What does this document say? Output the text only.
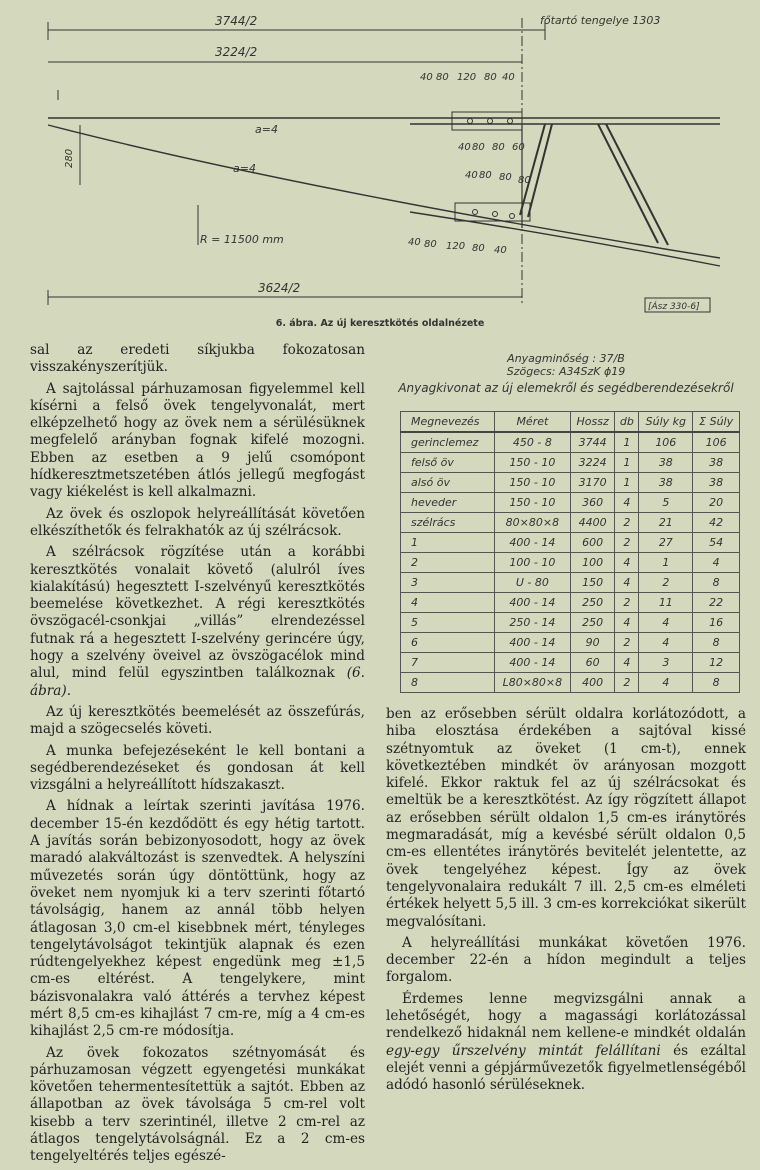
3744/2	főtartó tengelye 1303
3224/2
40 80 120 80 40
40 80 80 60
40 80 80 80
40 80 120 80 40
a=4
a=4
280
R = 11500 mm
3624/2
[Ász 330-6]
6. ábra. Az új keresztkötés oldalnézete

sal az eredeti síkjukba fokozatosan visszakényszerítjük.

A sajtolással párhuzamosan figyelemmel kell kísérni a felső övek tengelyvonalát, mert elképzelhető hogy az övek nem a sérülésüknek megfelelő arányban fognak kifelé mozogni. Ebben az esetben a 9 jelű csomópont hídkeresztmetszetében átlós jellegű megfogást vagy kiékelést is kell alkalmazni.

Az övek és oszlopok helyreállítását követően elkészíthetők és felrakhatók az új szélrácsok.

A szélrácsok rögzítése után a korábbi keresztkötés vonalait követő (alulról íves kialakítású) hegesztett I-szelvényű keresztkötés beemelése következhet. A régi keresztkötés övszögacél-csonkjai „villás” elrendezéssel futnak rá a hegesztett I-szelvény gerincére úgy, hogy a szelvény öveivel az övszögacélok mind alul, mind felül egyszintben találkoznak (6. ábra).

Az új keresztkötés beemelését az összefúrás, majd a szögecselés követi.

A munka befejezéseként le kell bontani a segédberendezéseket és gondosan át kell vizsgálni a helyreállított hídszakaszt.

A hídnak a leírtak szerinti javítása 1976. december 15-én kezdődött és egy hétig tartott. A javítás során bebizonyosodott, hogy az övek maradó alakváltozást is szenvedtek. A helyszíni művezetés során úgy döntöttünk, hogy az öveket nem nyomjuk ki a terv szerinti főtartó távolságig, hanem az annál több helyen átlagosan 3,0 cm-el kisebbnek mért, tényleges tengelytávolságot tekintjük alapnak és ezen rúdtengelyekhez képest engedünk meg ±1,5 cm-es eltérést. A tengelykere, mint bázisvonalakra való áttérés a tervhez képest mért 8,5 cm-es kihajlást 7 cm-re, míg a 4 cm-es kihajlást 2,5 cm-re módosítja.

Az övek fokozatos szétnyomását és párhuzamosan végzett egyengetési munkákat követően tehermentesítettük a sajtót. Ebben az állapotban az övek távolsága 5 cm-rel volt kisebb a terv szerintinél, illetve 2 cm-rel az átlagos tengelytávolságnál. Ez a 2 cm-es tengelyeltérés teljes egészé-

Anyagminőség : 37/B
Szögecs: A34SzK ϕ19
Anyagkivonat az új elemekről és segédberendezésekről
Megnevezés	Méret	Hossz	db	Súly kg	Σ Súly
gerinclemez	450 - 8	3744	1	106	106
felső öv	150 - 10	3224	1	38	38
alsó öv	150 - 10	3170	1	38	38
heveder	150 - 10	360	4	5	20
szélrács	80×80×8	4400	2	21	42
1	400 - 14	600	2	27	54
2	100 - 10	100	4	1	4
3	U - 80	150	4	2	8
4	400 - 14	250	2	11	22
5	250 - 14	250	4	4	16
6	400 - 14	90	2	4	8
7	400 - 14	60	4	3	12
8	L80×80×8	400	2	4	8

ben az erősebben sérült oldalra korlátozódott, a hiba elosztása érdekében a sajtóval kissé szétnyomtuk az öveket (1 cm-t), ennek következtében mindkét öv arányosan mozgott kifelé. Ekkor raktuk fel az új szélrácsokat és emeltük be a keresztkötést. Az így rögzített állapot az erősebben sérült oldalon 1,5 cm-es iránytörés megmaradását, míg a kevésbé sérült oldalon 0,5 cm-es ellentétes iránytörés bevitelét jelentette, az övek tengelyéhez képest. Így az övek tengelyvonalaira redukált 7 ill. 2,5 cm-es elméleti értékek helyett 5,5 ill. 3 cm-es korrekciókat sikerült megvalósítani.

A helyreállítási munkákat követően 1976. december 22-én a hídon megindult a teljes forgalom.

Érdemes lenne megvizsgálni annak a lehetőségét, hogy a magassági korlátozással rendelkező hidaknál nem kellene-e mindkét oldalán egy-egy űrszelvény mintát felállítani és ezáltal elejét venni a gépjárművezetők figyelmetlenségéből adódó hasonló sérüléseknek.
